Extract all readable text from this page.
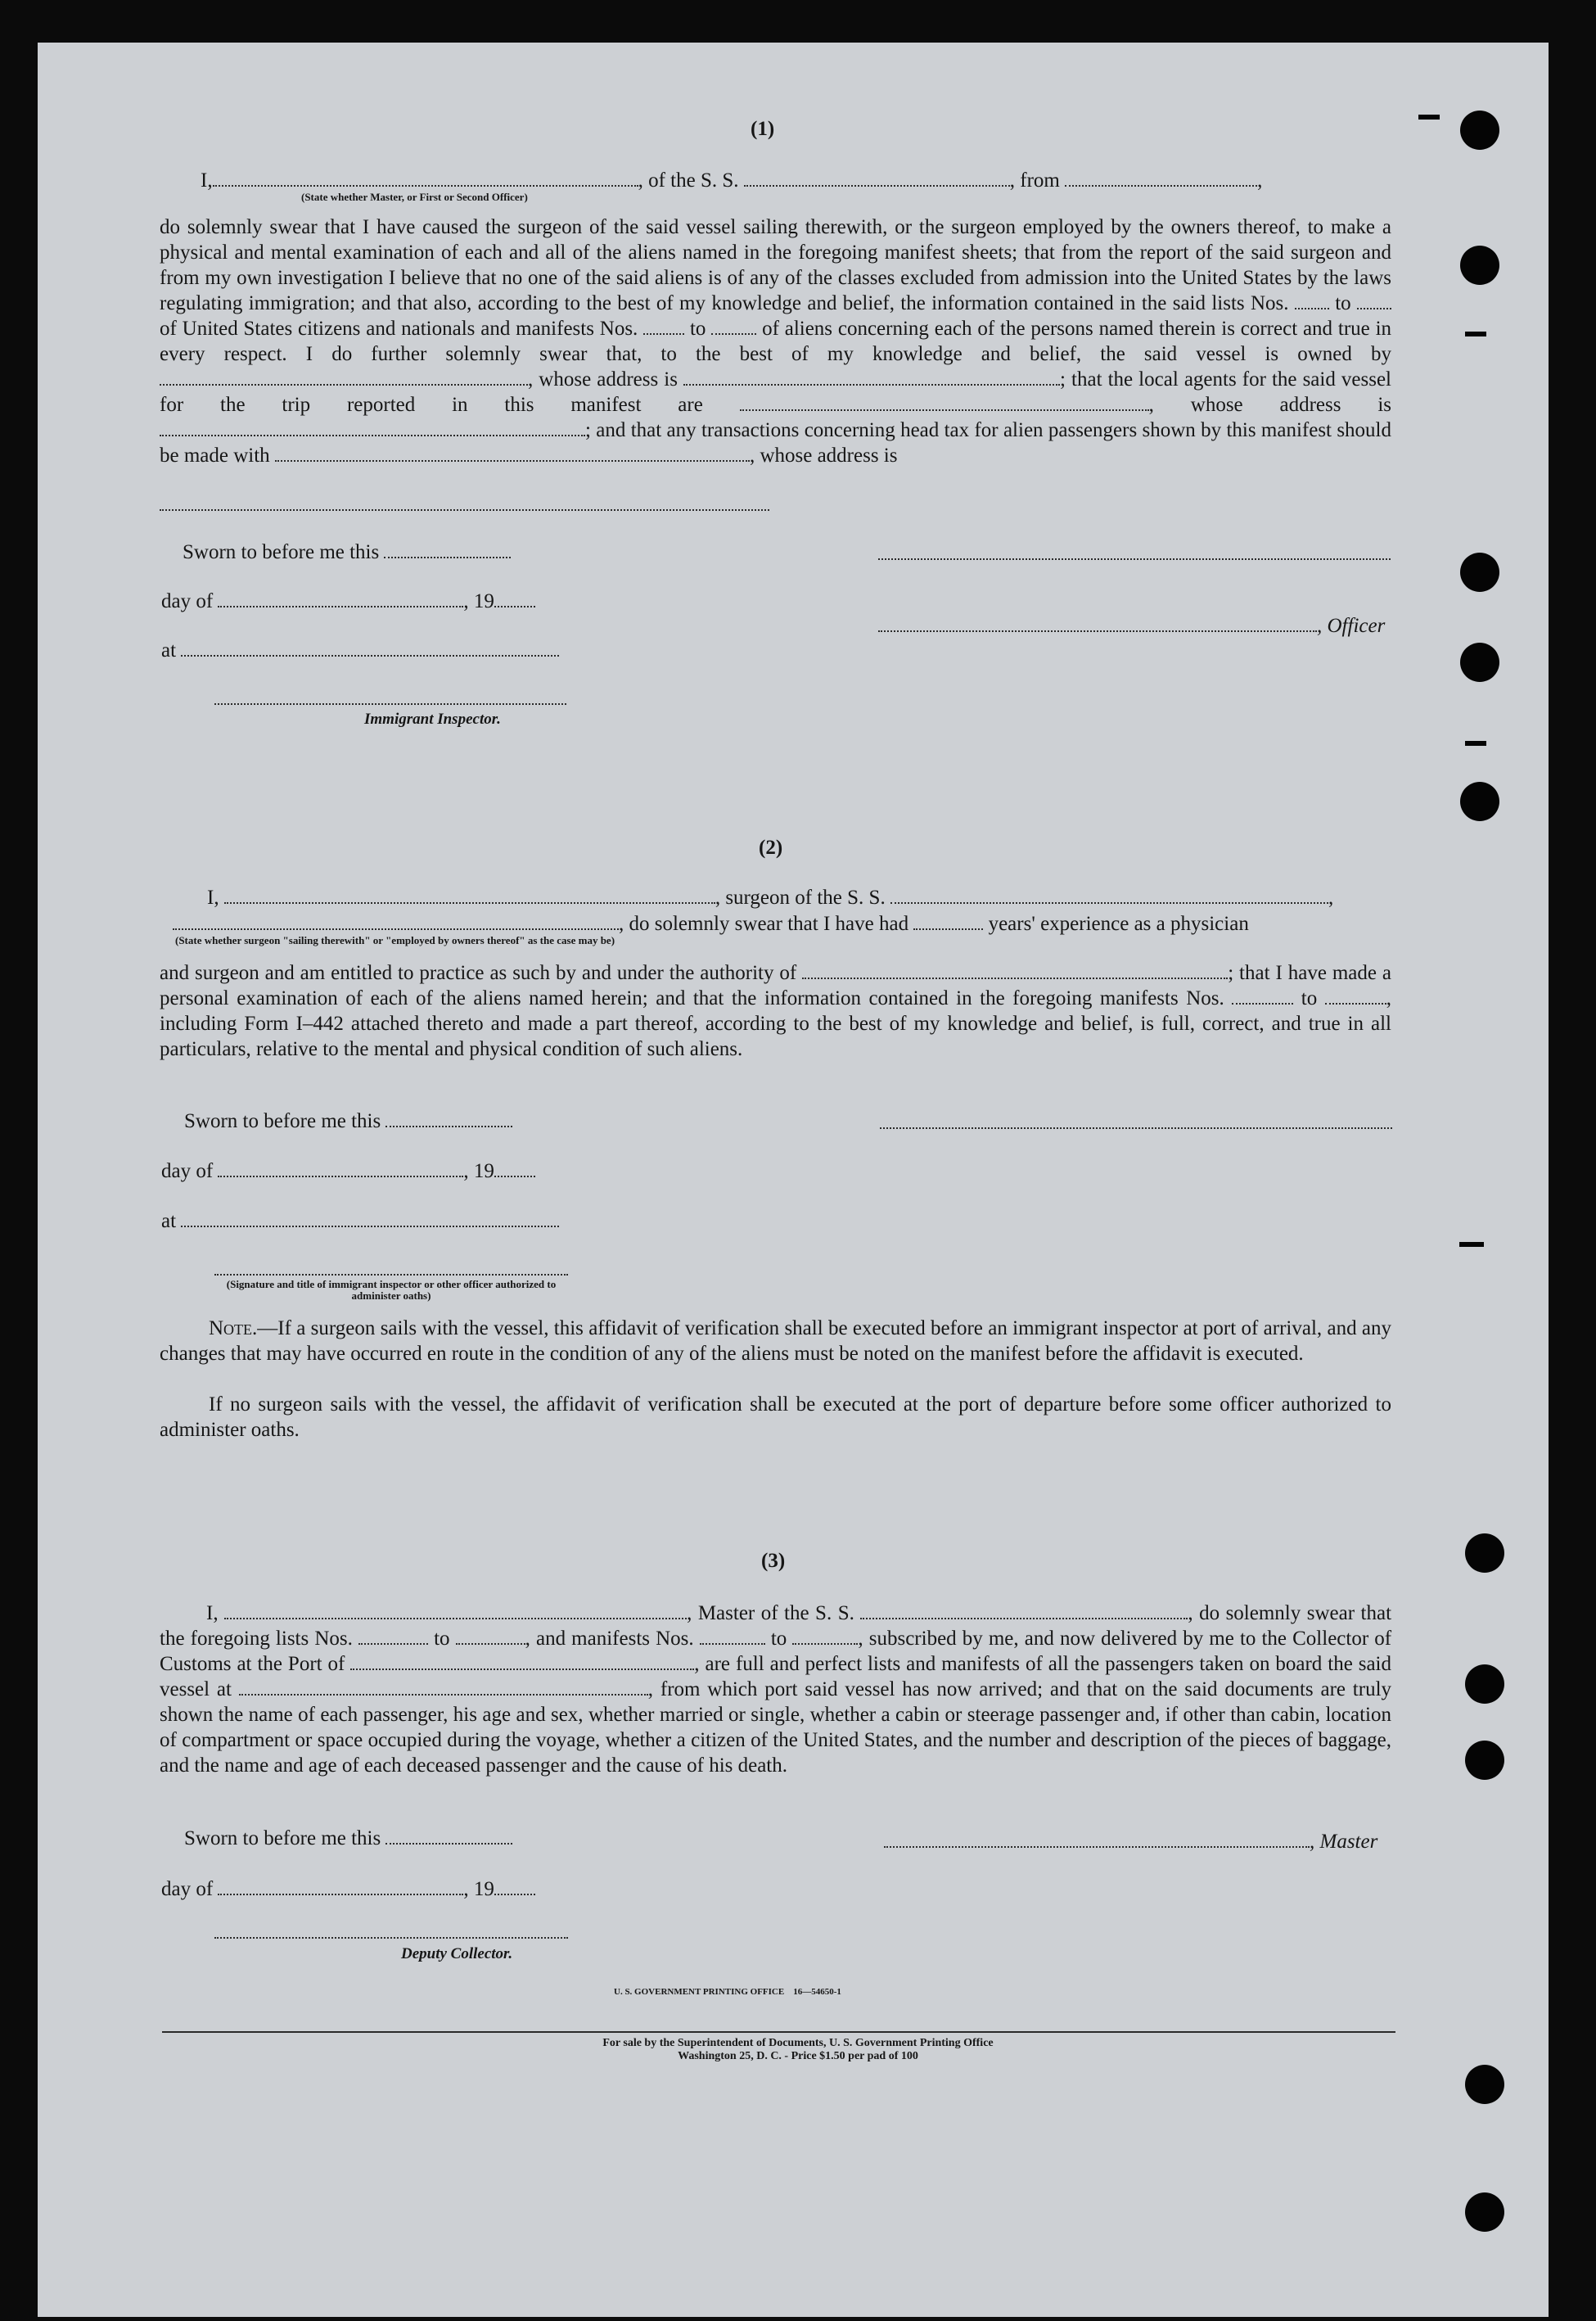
(1)
I,	, of the S. S.	, from	,
(State whether Master, or First or Second Officer)
do solemnly swear that I have caused the surgeon of the said vessel sailing therewith, or the surgeon employed by the owners thereof, to make a physical and mental examination of each and all of the aliens named in the foregoing manifest sheets; that from the report of the said surgeon and from my own investigation I believe that no one of the said aliens is of any of the classes excluded from admission into the United States by the laws regulating immigration; and that also, according to the best of my knowledge and belief, the information contained in the said lists Nos. to  of United States citizens and nationals and manifests Nos.	to	of aliens concerning each of the persons named therein is correct and true in every respect. I do further solemnly swear that, to the best of my knowledge and belief, the said vessel is owned by , whose address is	; that the local agents for the said vessel for the trip reported in this manifest are	, whose address is ; and that any transactions concerning head tax for alien passengers shown by this manifest should be made with	, whose address is
Sworn to before me this
day of	, 19
, Officer
at
Immigrant Inspector.
(2)
I,	, surgeon of the S. S.	,
, do solemnly swear that I have had	years' experience as a physician
(State whether surgeon "sailing therewith" or "employed by owners thereof" as the case may be)
and surgeon and am entitled to practice as such by and under the authority of	; that I have made a personal examination of each of the aliens named herein; and that the information contained in the foregoing manifests Nos.	to	, including Form I–442 attached thereto and made a part thereof, according to the best of my knowledge and belief, is full, correct, and true in all particulars, relative to the mental and physical condition of such aliens.
Sworn to before me this
day of	, 19
at
(Signature and title of immigrant inspector or other officer authorized to administer oaths)
Note.—If a surgeon sails with the vessel, this affidavit of verification shall be executed before an immigrant inspector at port of arrival, and any changes that may have occurred en route in the condition of any of the aliens must be noted on the manifest before the affidavit is executed.
If no surgeon sails with the vessel, the affidavit of verification shall be executed at the port of departure before some officer authorized to administer oaths.
(3)
I,	, Master of the S. S.	, do solemnly swear that the foregoing lists Nos.	to	, and manifests Nos.	to	, subscribed by me, and now delivered by me to the Collector of Customs at the Port of	, are full and perfect lists and manifests of all the passengers taken on board the said vessel at	, from which port said vessel has now arrived; and that on the said documents are truly shown the name of each passenger, his age and sex, whether married or single, whether a cabin or steerage passenger and, if other than cabin, location of compartment or space occupied during the voyage, whether a citizen of the United States, and the number and description of the pieces of baggage, and the name and age of each deceased passenger and the cause of his death.
Sworn to before me this	, Master
day of	, 19
Deputy Collector.
U. S. GOVERNMENT PRINTING OFFICE    16—54650-1
For sale by the Superintendent of Documents, U. S. Government Printing Office
Washington 25, D. C. - Price $1.50 per pad of 100
